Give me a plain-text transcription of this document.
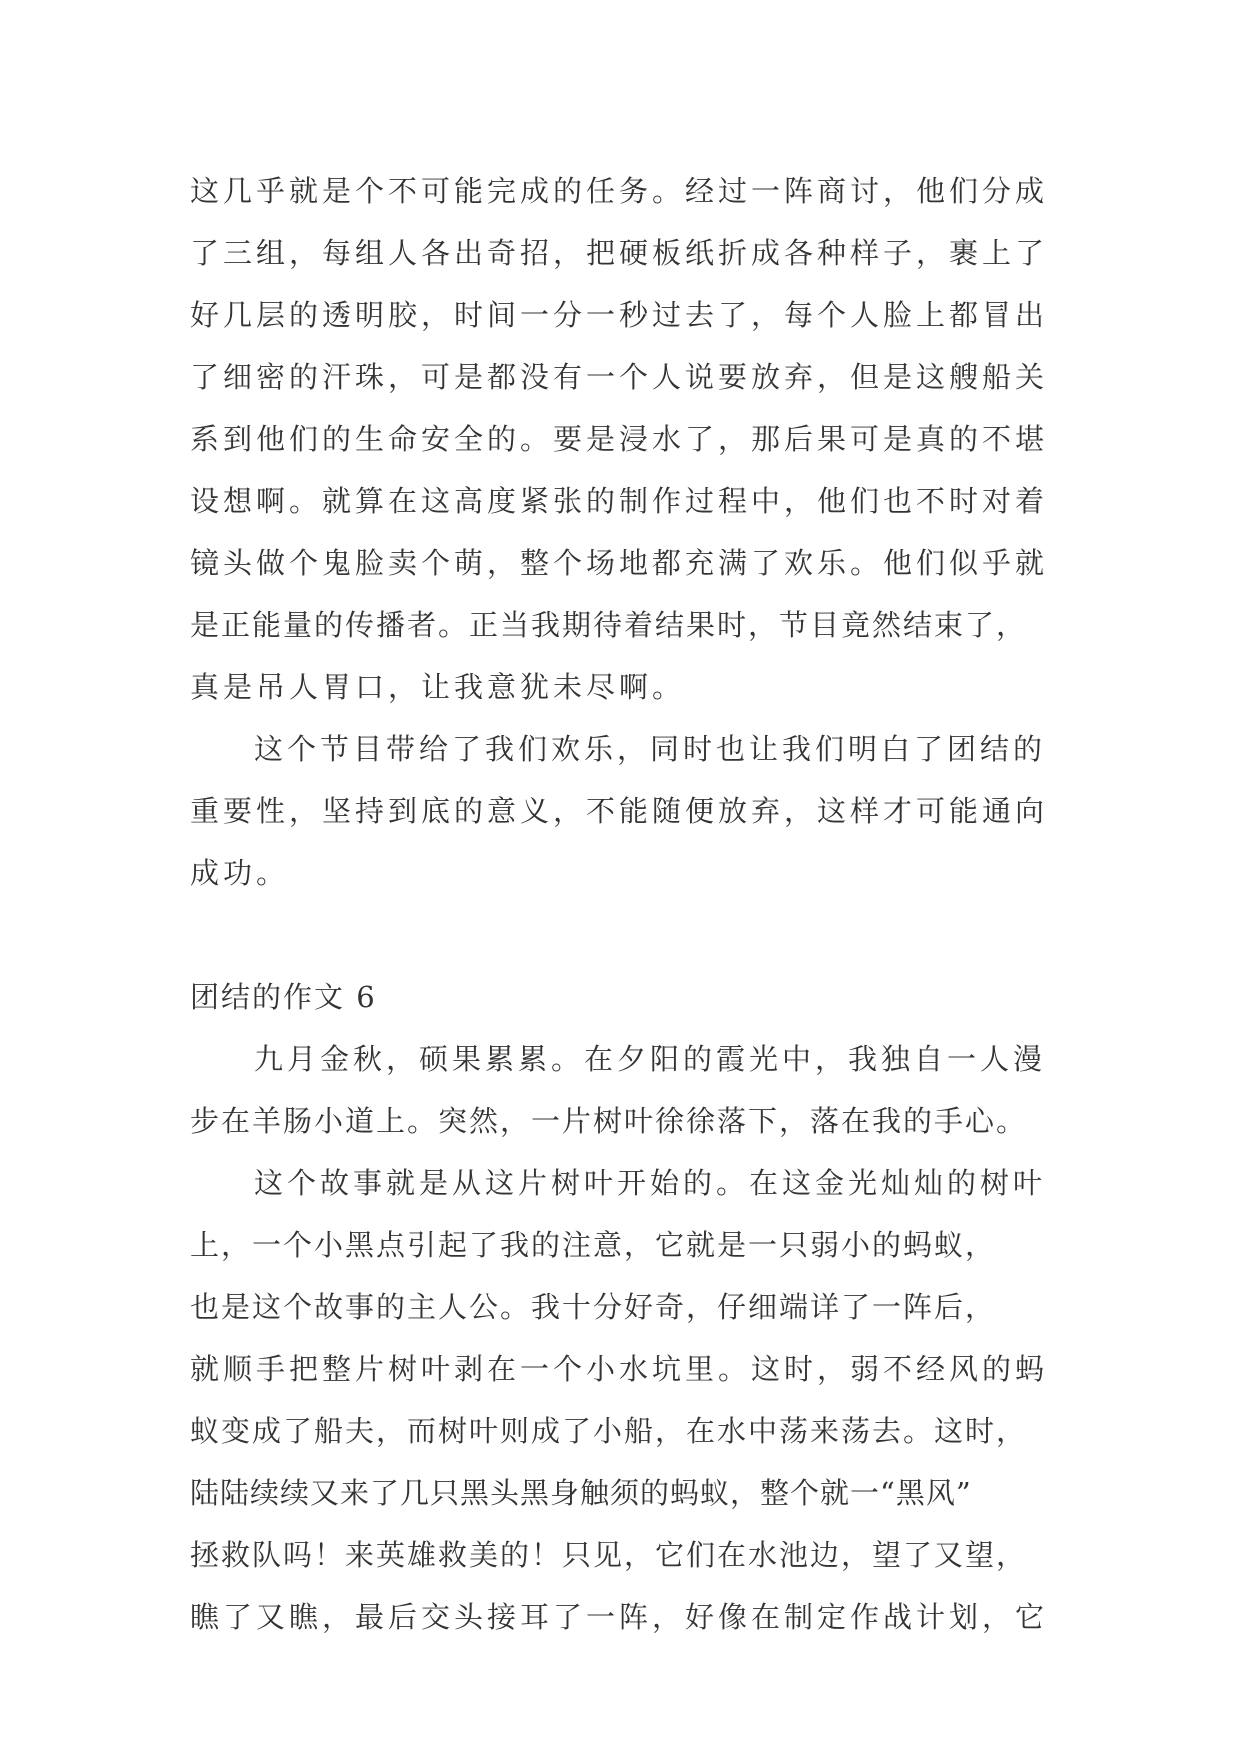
这几乎就是个不可能完成的任务。经过一阵商讨，他们分成
了三组，每组人各出奇招，把硬板纸折成各种样子，裹上了
好几层的透明胶，时间一分一秒过去了，每个人脸上都冒出
了细密的汗珠，可是都没有一个人说要放弃，但是这艘船关
系到他们的生命安全的。要是浸水了，那后果可是真的不堪
设想啊。就算在这高度紧张的制作过程中，他们也不时对着
镜头做个鬼脸卖个萌，整个场地都充满了欢乐。他们似乎就
是正能量的传播者。正当我期待着结果时，节目竟然结束了，
真是吊人胃口，让我意犹未尽啊。
这个节目带给了我们欢乐，同时也让我们明白了团结的
重要性，坚持到底的意义，不能随便放弃，这样才可能通向
成功。
团结的作文 6
九月金秋，硕果累累。在夕阳的霞光中，我独自一人漫
步在羊肠小道上。突然，一片树叶徐徐落下，落在我的手心。
这个故事就是从这片树叶开始的。在这金光灿灿的树叶
上，一个小黑点引起了我的注意，它就是一只弱小的蚂蚁，
也是这个故事的主人公。我十分好奇，仔细端详了一阵后，
就顺手把整片树叶剥在一个小水坑里。这时，弱不经风的蚂
蚁变成了船夫，而树叶则成了小船，在水中荡来荡去。这时，
陆陆续续又来了几只黑头黑身触须的蚂蚁，整个就一“黑风”
拯救队吗！来英雄救美的！只见，它们在水池边，望了又望，
瞧了又瞧，最后交头接耳了一阵，好像在制定作战计划，它
